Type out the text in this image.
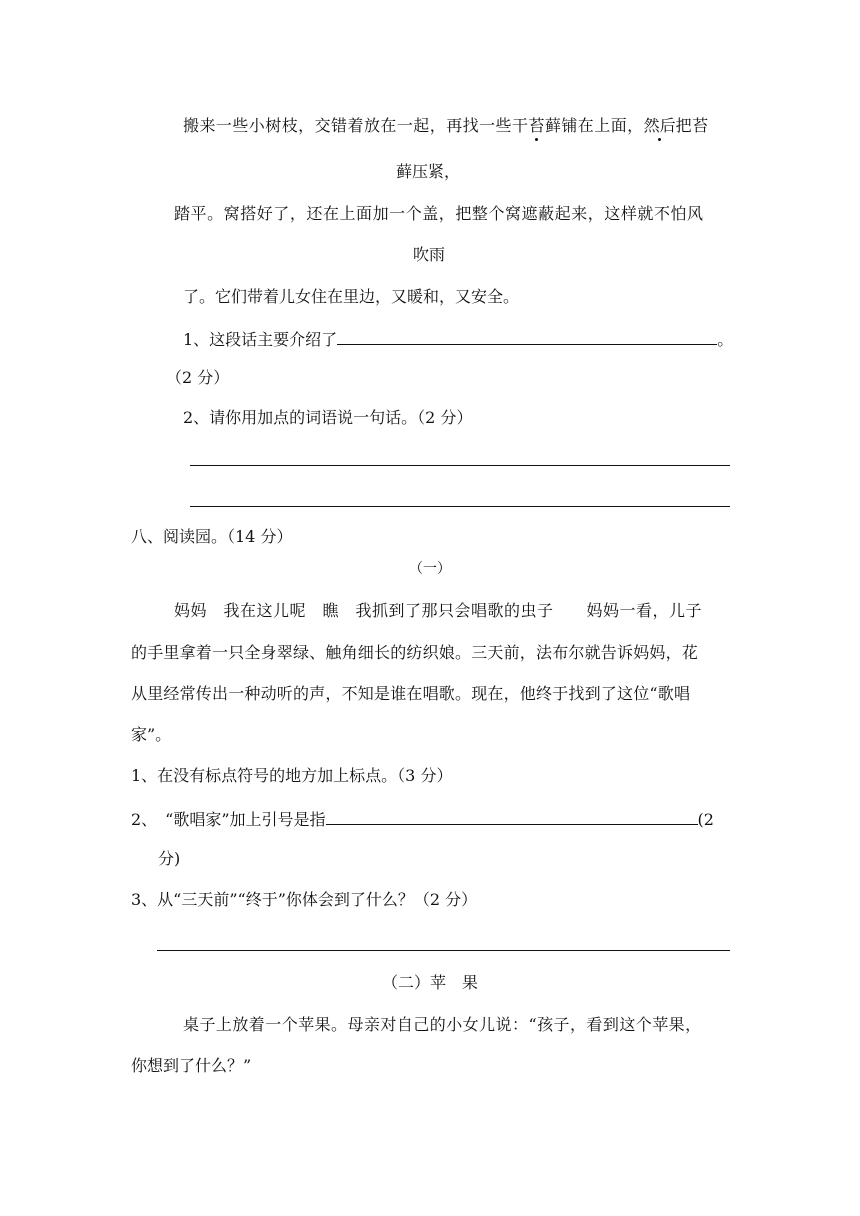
搬来一些小树枝，交错着放在一起，再找一些干苔藓铺在上面，然后把苔
藓压紧，
踏平。窝搭好了，还在上面加一个盖，把整个窝遮蔽起来，这样就不怕风
吹雨
了。它们带着儿女住在里边，又暖和，又安全。
1、这段话主要介绍了	。
（2 分）
2、请你用加点的词语说一句话。（2 分）
八、阅读园。（14 分）
（一）
妈妈　我在这儿呢　瞧　我抓到了那只会唱歌的虫子　　妈妈一看，儿子
的手里拿着一只全身翠绿、触角细长的纺织娘。三天前，法布尔就告诉妈妈，花
从里经常传出一种动听的声，不知是谁在唱歌。现在，他终于找到了这位“歌唱
家”。
1、在没有标点符号的地方加上标点。（3 分）
2、　“歌唱家”加上引号是指	(2
分)
3、从“三天前”“终于”你体会到了什么？（2 分）
（二）苹　果
桌子上放着一个苹果。母亲对自己的小女儿说：“孩子，看到这个苹果，
你想到了什么？”
